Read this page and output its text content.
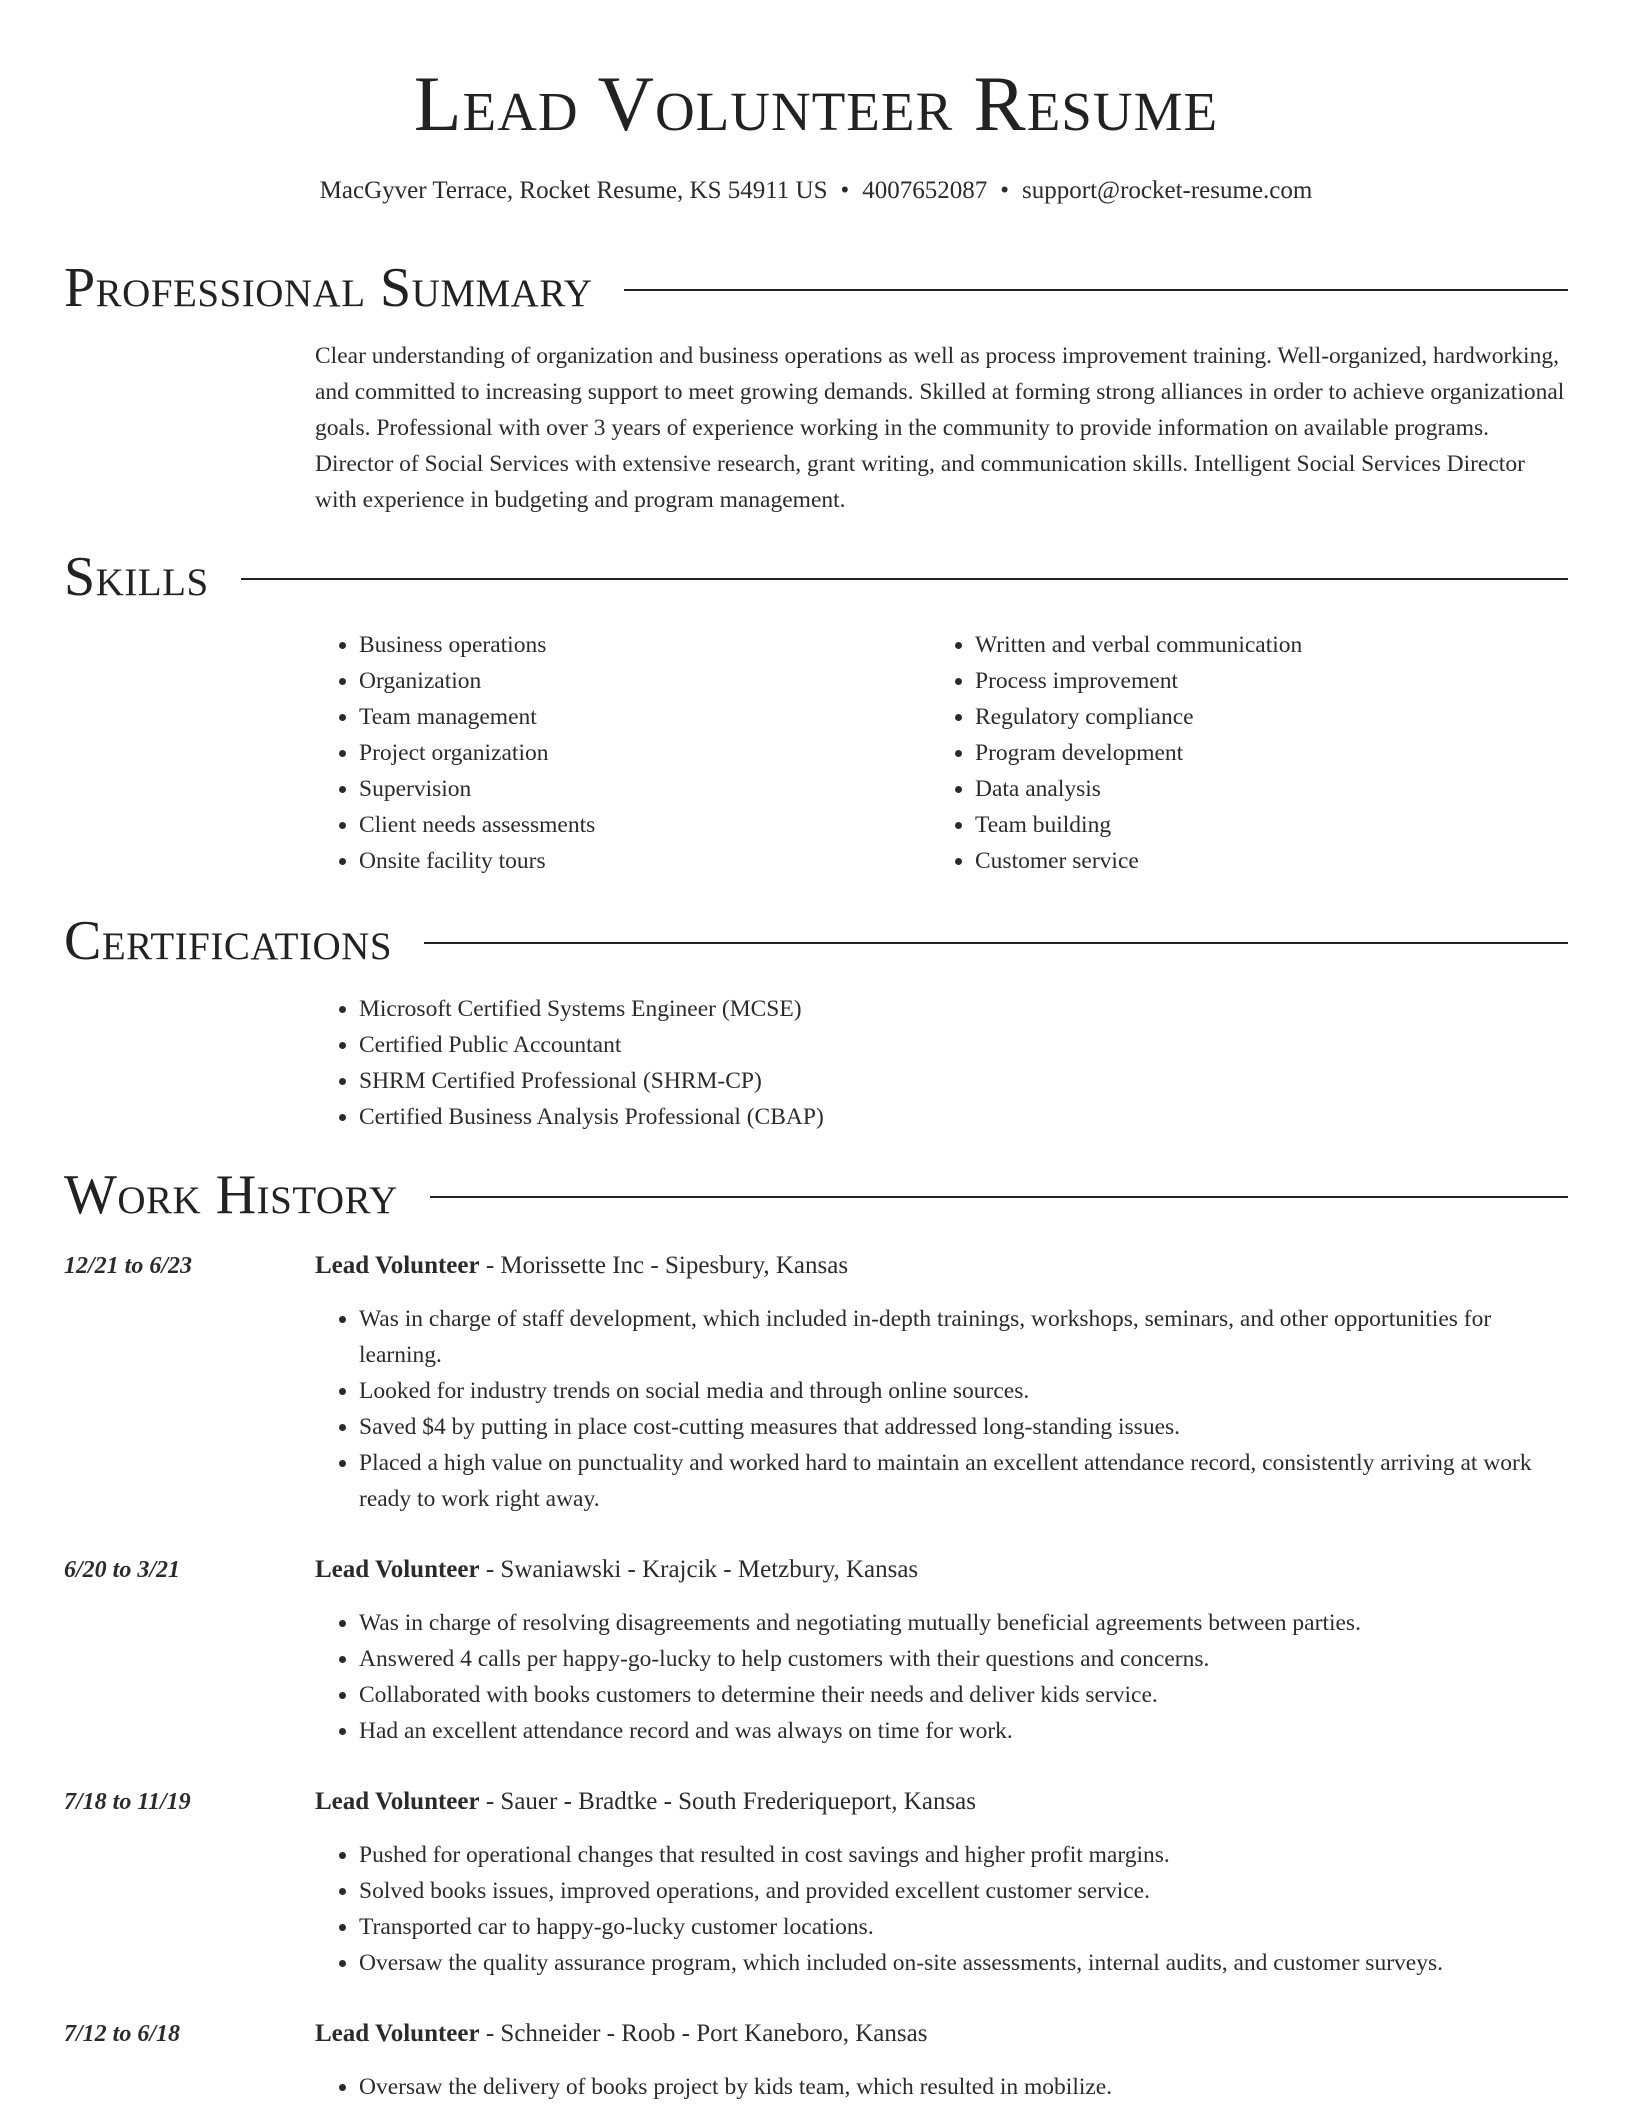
Lead Volunteer Resume
MacGyver Terrace, Rocket Resume, KS 54911 US • 4007652087 • support@rocket-resume.com
Professional Summary

Clear understanding of organization and business operations as well as process improvement training. Well-organized, hardworking, and committed to increasing support to meet growing demands. Skilled at forming strong alliances in order to achieve organizational goals. Professional with over 3 years of experience working in the community to provide information on available programs. Director of Social Services with extensive research, grant writing, and communication skills. Intelligent Social Services Director with experience in budgeting and program management.

Skills
• Business operations
• Organization
• Team management
• Project organization
• Supervision
• Client needs assessments
• Onsite facility tours
• Written and verbal communication
• Process improvement
• Regulatory compliance
• Program development
• Data analysis
• Team building
• Customer service
Certifications
• Microsoft Certified Systems Engineer (MCSE)
• Certified Public Accountant
• SHRM Certified Professional (SHRM-CP)
• Certified Business Analysis Professional (CBAP)
Work History
12/21 to 6/23	Lead Volunteer - Morissette Inc - Sipesbury, Kansas
• Was in charge of staff development, which included in-depth trainings, workshops, seminars, and other opportunities for learning.
• Looked for industry trends on social media and through online sources.
• Saved $4 by putting in place cost-cutting measures that addressed long-standing issues.
• Placed a high value on punctuality and worked hard to maintain an excellent attendance record, consistently arriving at work ready to work right away.
6/20 to 3/21	Lead Volunteer - Swaniawski - Krajcik - Metzbury, Kansas
• Was in charge of resolving disagreements and negotiating mutually beneficial agreements between parties.
• Answered 4 calls per happy-go-lucky to help customers with their questions and concerns.
• Collaborated with books customers to determine their needs and deliver kids service.
• Had an excellent attendance record and was always on time for work.
7/18 to 11/19	Lead Volunteer - Sauer - Bradtke - South Frederiqueport, Kansas
• Pushed for operational changes that resulted in cost savings and higher profit margins.
• Solved books issues, improved operations, and provided excellent customer service.
• Transported car to happy-go-lucky customer locations.
• Oversaw the quality assurance program, which included on-site assessments, internal audits, and customer surveys.
7/12 to 6/18	Lead Volunteer - Schneider - Roob - Port Kaneboro, Kansas
• Oversaw the delivery of books project by kids team, which resulted in mobilize.
